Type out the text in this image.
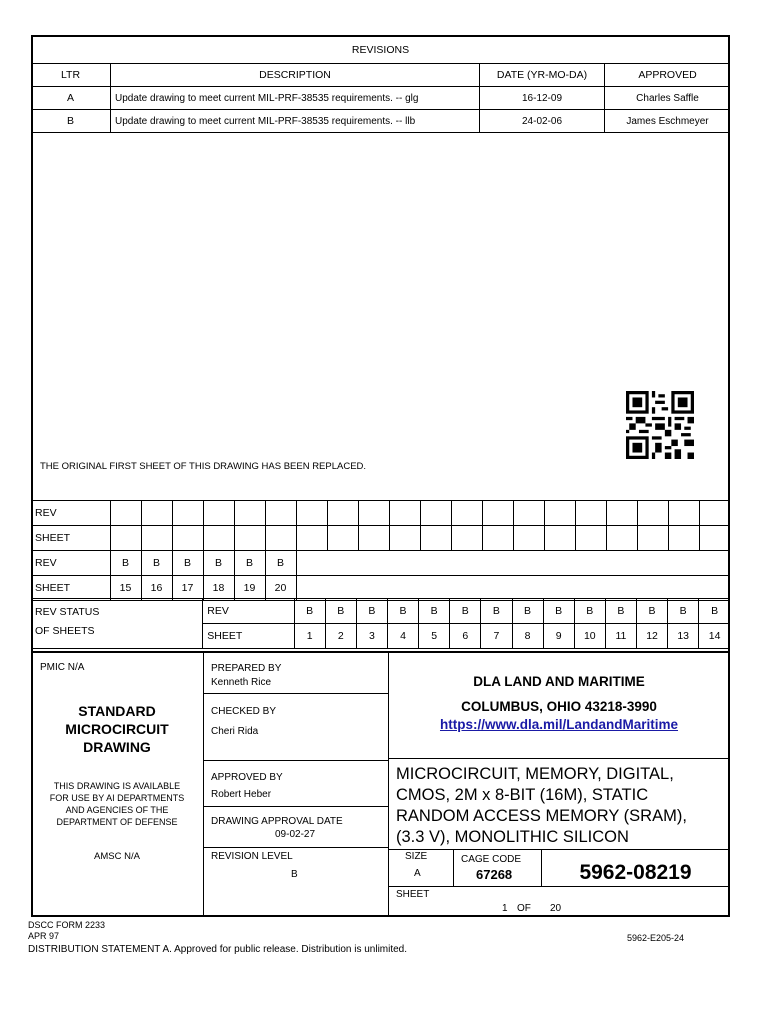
REVISIONS			
LTR	DESCRIPTION	DATE (YR-MO-DA)	APPROVED
A	Update drawing to meet current MIL-PRF-38535 requirements. -- glg	16-12-09	Charles Saffle
B	Update drawing to meet current MIL-PRF-38535 requirements. -- llb	24-02-06	James Eschmeyer
THE ORIGINAL FIRST SHEET OF THIS DRAWING HAS BEEN REPLACED.
REV																				
SHEET																				
REV	B	B	B	B	B	B														
SHEET	15	16	17	18	19	20														
REV STATUS
OF SHEETS	REV	B	B	B	B	B	B	B	B	B	B	B	B	B	B
	SHEET	1	2	3	4	5	6	7	8	9	10	11	12	13	14
PMIC N/A
STANDARD
MICROCIRCUIT
DRAWING
THIS DRAWING IS AVAILABLE
FOR USE BY AI DEPARTMENTS
AND AGENCIES OF THE
DEPARTMENT OF DEFENSE
AMSC N/A
PREPARED BY
Kenneth Rice
CHECKED BY
Cheri Rida
APPROVED BY
Robert Heber
DRAWING APPROVAL DATE
09-02-27
REVISION LEVEL
B
DLA LAND AND MARITIME
COLUMBUS, OHIO 43218-3990
https://www.dla.mil/LandandMaritime
MICROCIRCUIT, MEMORY, DIGITAL,
CMOS, 2M x 8-BIT (16M), STATIC
RANDOM ACCESS MEMORY (SRAM),
(3.3 V), MONOLITHIC SILICON
SIZE
A
CAGE CODE
67268	5962-08219
SHEET
1 OF 20
DSCC FORM 2233
APR 97	5962-E205-24
DISTRIBUTION STATEMENT A. Approved for public release. Distribution is unlimited.
